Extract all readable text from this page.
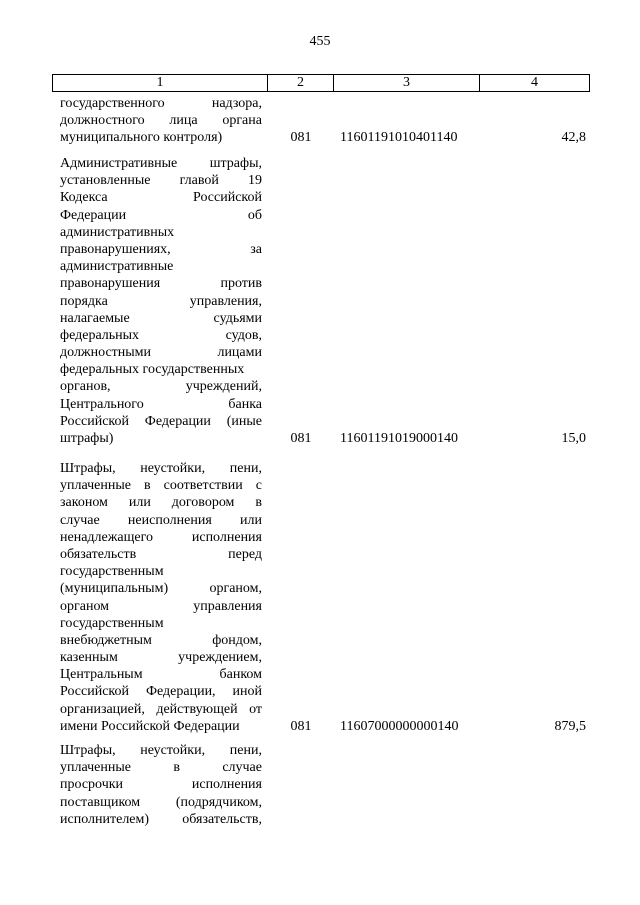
455
1	2	3	4
государственного	надзора,
должностного лица органа
муниципального контроля)	081	11601191010401140	42,8
Административные штрафы,
установленные главой 19
Кодекса	Российской
Федерации	об
административных
правонарушениях,	за
административные
правонарушения	против
порядка	управления,
налагаемые	судьями
федеральных	судов,
должностными	лицами
федеральных государственных
органов,	учреждений,
Центрального	банка
Российской Федерации (иные
штрафы)	081	11601191019000140	15,0
Штрафы, неустойки, пени,
уплаченные в соответствии с
законом или договором в
случае неисполнения или
ненадлежащего	исполнения
обязательств	перед
государственным
(муниципальным)	органом,
органом	управления
государственным
внебюджетным	фондом,
казенным	учреждением,
Центральным	банком
Российской Федерации, иной
организацией, действующей от
имени Российской Федерации	081	11607000000000140	879,5
Штрафы, неустойки, пени,
уплаченные	в	случае
просрочки	исполнения
поставщиком	(подрядчиком,
исполнителем) обязательств,
